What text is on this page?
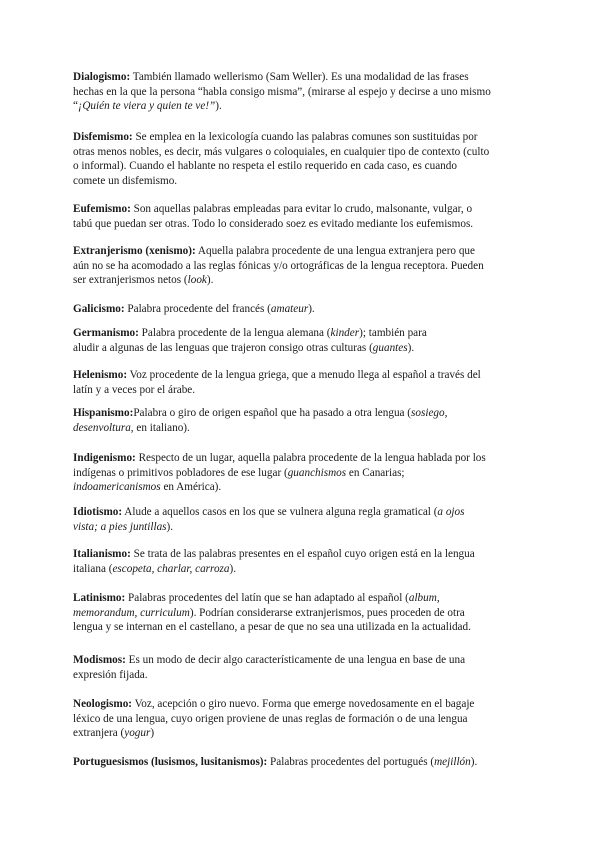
Dialogismo: También llamado wellerismo (Sam Weller). Es una modalidad de las frases
hechas en la que la persona “habla consigo misma”, (mirarse al espejo y decirse a uno mismo
“¡Quién te viera y quien te ve!”).

Disfemismo: Se emplea en la lexicología cuando las palabras comunes son sustituidas por
otras menos nobles, es decir, más vulgares o coloquiales, en cualquier tipo de contexto (culto
o informal). Cuando el hablante no respeta el estilo requerido en cada caso, es cuando
comete un disfemismo.

Eufemismo: Son aquellas palabras empleadas para evitar lo crudo, malsonante, vulgar, o
tabú que puedan ser otras. Todo lo considerado soez es evitado mediante los eufemismos.

Extranjerismo (xenismo): Aquella palabra procedente de una lengua extranjera pero que
aún no se ha acomodado a las reglas fónicas y/o ortográficas de la lengua receptora. Pueden
ser extranjerismos netos (look).

Galicismo: Palabra procedente del francés (amateur).

Germanismo: Palabra procedente de la lengua alemana (kinder); también para
aludir a algunas de las lenguas que trajeron consigo otras culturas (guantes).

Helenismo: Voz procedente de la lengua griega, que a menudo llega al español a través del
latín y a veces por el árabe.

Hispanismo:Palabra o giro de origen español que ha pasado a otra lengua (sosiego,
desenvoltura, en italiano).

Indigenismo: Respecto de un lugar, aquella palabra procedente de la lengua hablada por los
indígenas o primitivos pobladores de ese lugar (guanchismos en Canarias;
indoamericanismos en América).

Idiotismo: Alude a aquellos casos en los que se vulnera alguna regla gramatical (a ojos
vista; a pies juntillas).

Italianismo: Se trata de las palabras presentes en el español cuyo origen está en la lengua
italiana (escopeta, charlar, carroza).

Latinismo: Palabras procedentes del latín que se han adaptado al español (album,
memorandum, curriculum). Podrían considerarse extranjerismos, pues proceden de otra
lengua y se internan en el castellano, a pesar de que no sea una utilizada en la actualidad.

Modismos: Es un modo de decir algo característicamente de una lengua en base de una
expresión fijada.

Neologismo: Voz, acepción o giro nuevo. Forma que emerge novedosamente en el bagaje
léxico de una lengua, cuyo origen proviene de unas reglas de formación o de una lengua
extranjera (yogur)

Portuguesismos (lusismos, lusitanismos): Palabras procedentes del portugués (mejillón).
